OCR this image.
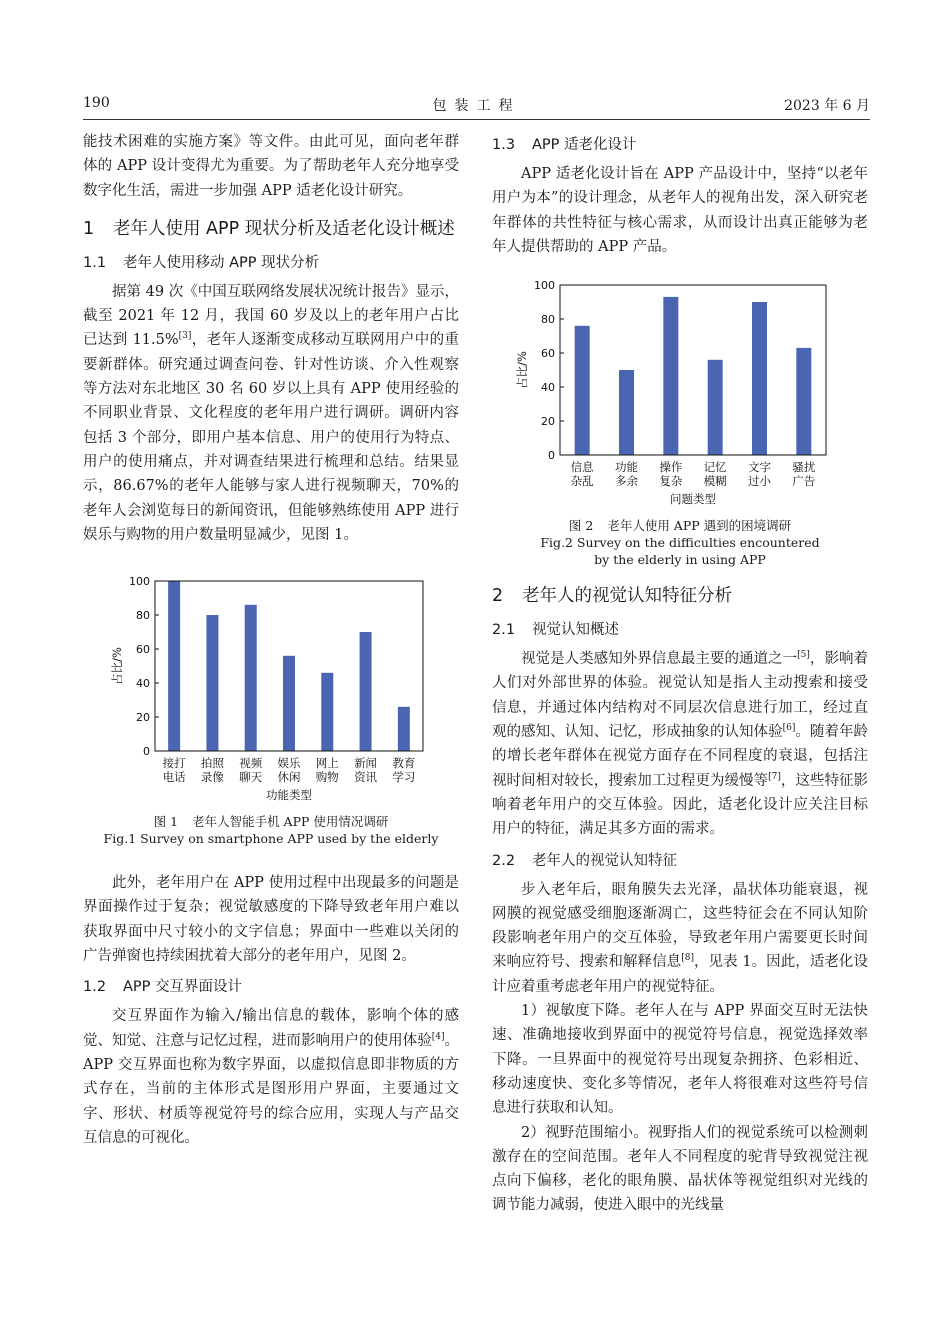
190	包装工程	2023 年 6 月

能技术困难的实施方案》等文件。由此可见，面向老年群体的 APP 设计变得尤为重要。为了帮助老年人充分地享受数字化生活，需进一步加强 APP 适老化设计研究。

1	老年人使用 APP 现状分析及适老化设计概述
1.1 老年人使用移动 APP 现状分析

据第 49 次《中国互联网络发展状况统计报告》显示，截至 2021 年 12 月，我国 60 岁及以上的老年用户占比已达到 11.5%[3]，老年人逐渐变成移动互联网用户中的重要新群体。研究通过调查问卷、针对性访谈、介入性观察等方法对东北地区 30 名 60 岁以上具有 APP 使用经验的不同职业背景、文化程度的老年用户进行调研。调研内容包括 3 个部分，即用户基本信息、用户的使用行为特点、用户的使用痛点，并对调查结果进行梳理和总结。结果显示，86.67%的老年人能够与家人进行视频聊天，70%的老年人会浏览每日的新闻资讯，但能够熟练使用 APP 进行娱乐与购物的用户数量明显减少，见图 1。

0
20
40
60
80
100
接打
电话
拍照
录像
视频
聊天
娱乐
休闲
网上
购物
新闻
资讯
教育
学习
功能类型
占比/%
图 1 老年人智能手机 APP 使用情况调研
Fig.1 Survey on smartphone APP used by the elderly

此外，老年用户在 APP 使用过程中出现最多的问题是界面操作过于复杂；视觉敏感度的下降导致老年用户难以获取界面中尺寸较小的文字信息；界面中一些难以关闭的广告弹窗也持续困扰着大部分的老年用户，见图 2。

1.2 APP 交互界面设计

交互界面作为输入/输出信息的载体，影响个体的感觉、知觉、注意与记忆过程，进而影响用户的使用体验[4]。APP 交互界面也称为数字界面，以虚拟信息即非物质的方式存在，当前的主体形式是图形用户界面，主要通过文字、形状、材质等视觉符号的综合应用，实现人与产品交互信息的可视化。

1.3 APP 适老化设计

APP 适老化设计旨在 APP 产品设计中，坚持“以老年用户为本”的设计理念，从老年人的视角出发，深入研究老年群体的共性特征与核心需求，从而设计出真正能够为老年人提供帮助的 APP 产品。

0
20
40
60
80
100
信息
杂乱
功能
多余
操作
复杂
记忆
模糊
文字
过小
骚扰
广告
问题类型
占比/%
图 2 老年人使用 APP 遇到的困境调研
Fig.2 Survey on the difficulties encountered
by the elderly in using APP
2	老年人的视觉认知特征分析
2.1 视觉认知概述

视觉是人类感知外界信息最主要的通道之一[5]，影响着人们对外部世界的体验。视觉认知是指人主动搜索和接受信息，并通过体内结构对不同层次信息进行加工，经过直观的感知、认知、记忆，形成抽象的认知体验[6]。随着年龄的增长老年群体在视觉方面存在不同程度的衰退，包括注视时间相对较长，搜索加工过程更为缓慢等[7]，这些特征影响着老年用户的交互体验。因此，适老化设计应关注目标用户的特征，满足其多方面的需求。

2.2 老年人的视觉认知特征

步入老年后，眼角膜失去光泽，晶状体功能衰退，视网膜的视觉感受细胞逐渐凋亡，这些特征会在不同认知阶段影响老年用户的交互体验，导致老年用户需要更长时间来响应符号、搜索和解释信息[8]，见表 1。因此，适老化设计应着重考虑老年用户的视觉特征。

1）视敏度下降。老年人在与 APP 界面交互时无法快速、准确地接收到界面中的视觉符号信息，视觉选择效率下降。一旦界面中的视觉符号出现复杂拥挤、色彩相近、移动速度快、变化多等情况，老年人将很难对这些符号信息进行获取和认知。

2）视野范围缩小。视野指人们的视觉系统可以检测刺激存在的空间范围。老年人不同程度的驼背导致视觉注视点向下偏移，老化的眼角膜、晶状体等视觉组织对光线的调节能力减弱，使进入眼中的光线量
